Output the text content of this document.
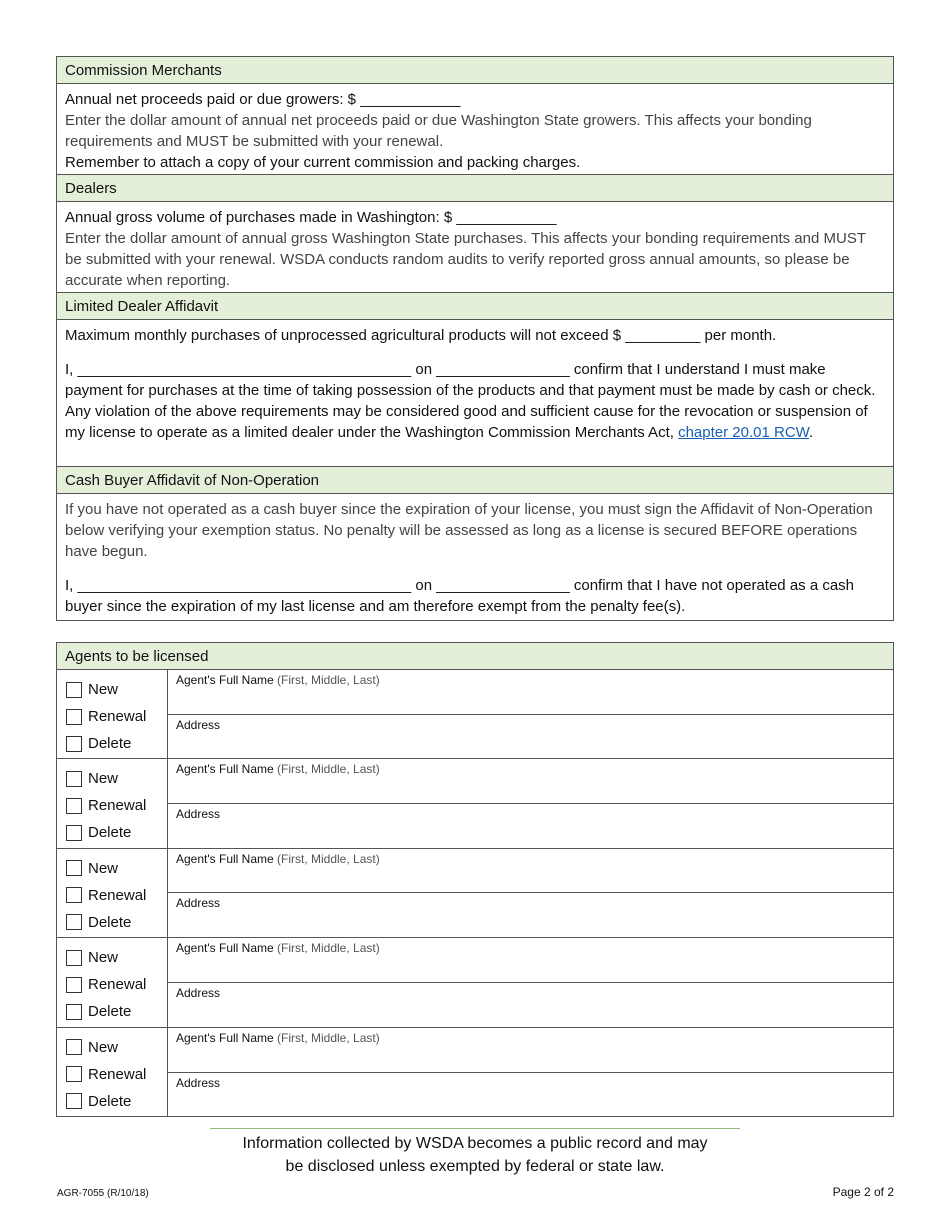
Commission Merchants
Annual net proceeds paid or due growers: $ ____________
Enter the dollar amount of annual net proceeds paid or due Washington State growers. This affects your bonding requirements and MUST be submitted with your renewal.
Remember to attach a copy of your current commission and packing charges.
Dealers
Annual gross volume of purchases made in Washington: $ ____________
Enter the dollar amount of annual gross Washington State purchases. This affects your bonding requirements and MUST be submitted with your renewal. WSDA conducts random audits to verify reported gross annual amounts, so please be accurate when reporting.
Limited Dealer Affidavit
Maximum monthly purchases of unprocessed agricultural products will not exceed $ _________ per month.
I, ________________________________________ on ________________ confirm that I understand I must make payment for purchases at the time of taking possession of the products and that payment must be made by cash or check. Any violation of the above requirements may be considered good and sufficient cause for the revocation or suspension of my license to operate as a limited dealer under the Washington Commission Merchants Act, chapter 20.01 RCW.
Cash Buyer Affidavit of Non-Operation
If you have not operated as a cash buyer since the expiration of your license, you must sign the Affidavit of Non-Operation below verifying your exemption status. No penalty will be assessed as long as a license is secured BEFORE operations have begun.
I, ________________________________________ on ________________ confirm that I have not operated as a cash buyer since the expiration of my last license and am therefore exempt from the penalty fee(s).
Agents to be licensed
New
Renewal
Delete
Agent's Full Name (First, Middle, Last)
Address
New
Renewal
Delete
Agent's Full Name (First, Middle, Last)
Address
New
Renewal
Delete
Agent's Full Name (First, Middle, Last)
Address
New
Renewal
Delete
Agent's Full Name (First, Middle, Last)
Address
New
Renewal
Delete
Agent's Full Name (First, Middle, Last)
Address
Information collected by WSDA becomes a public record and may
be disclosed unless exempted by federal or state law.
AGR-7055 (R/10/18)	Page 2 of 2
